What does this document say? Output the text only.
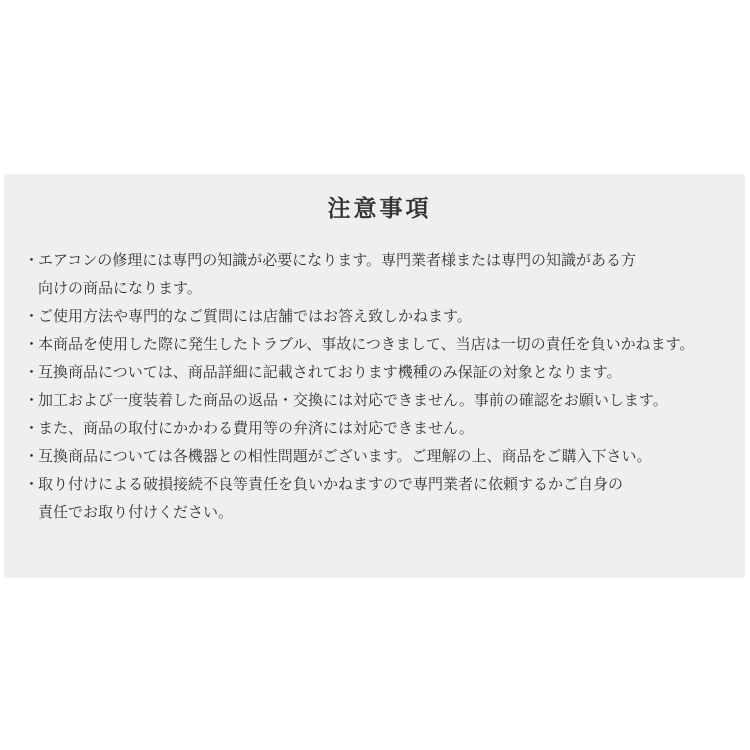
注意事項
・
エアコンの修理には専門の知識が必要になります。専門業者様または専門の知識がある方
向けの商品になります。
・
ご使用方法や専門的なご質問には店舗ではお答え致しかねます。
・
本商品を使用した際に発生したトラブル、事故につきまして、当店は一切の責任を負いかねます。
・
互換商品については、商品詳細に記載されております機種のみ保証の対象となります。
・
加工および一度装着した商品の返品・交換には対応できません。事前の確認をお願いします。
・
また、商品の取付にかかわる費用等の弁済には対応できません。
・
互換商品については各機器との相性問題がございます。ご理解の上、商品をご購入下さい。
・
取り付けによる破損接続不良等責任を負いかねますので専門業者に依頼するかご自身の
責任でお取り付けください。
